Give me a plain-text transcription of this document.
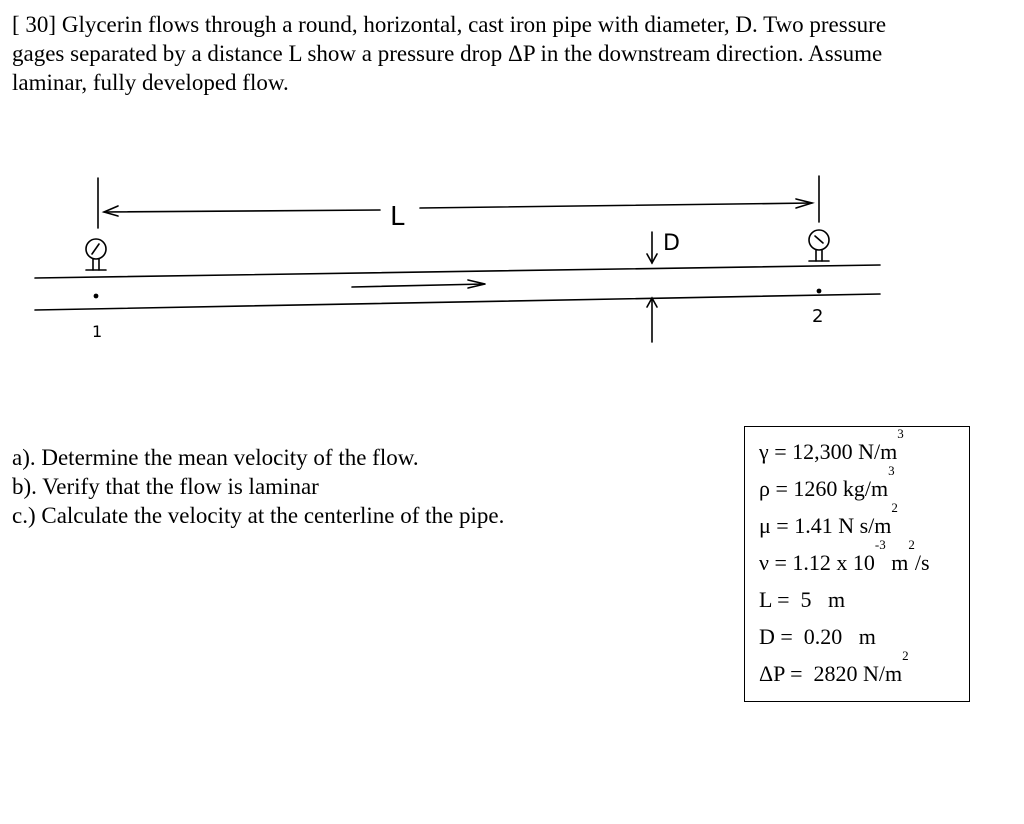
[ 30] Glycerin flows through a round, horizontal, cast iron pipe with diameter, D. Two pressure gages separated by a distance L show a pressure drop ΔP in the downstream direction. Assume laminar, fully developed flow.

L
D
1
2
a). Determine the mean velocity of the flow.
b). Verify that the flow is laminar
c.) Calculate the velocity at the centerline of the pipe.
γ = 12,300 $N/m^3$
ρ = 1260 $kg/m^3$
μ = 1.41 N $s/m^2$
ν = 1.12 x $10^{-3}$ $m^2/s$
L =  5   m
D =  0.20   m
ΔP =  2820 $N/m^2$
